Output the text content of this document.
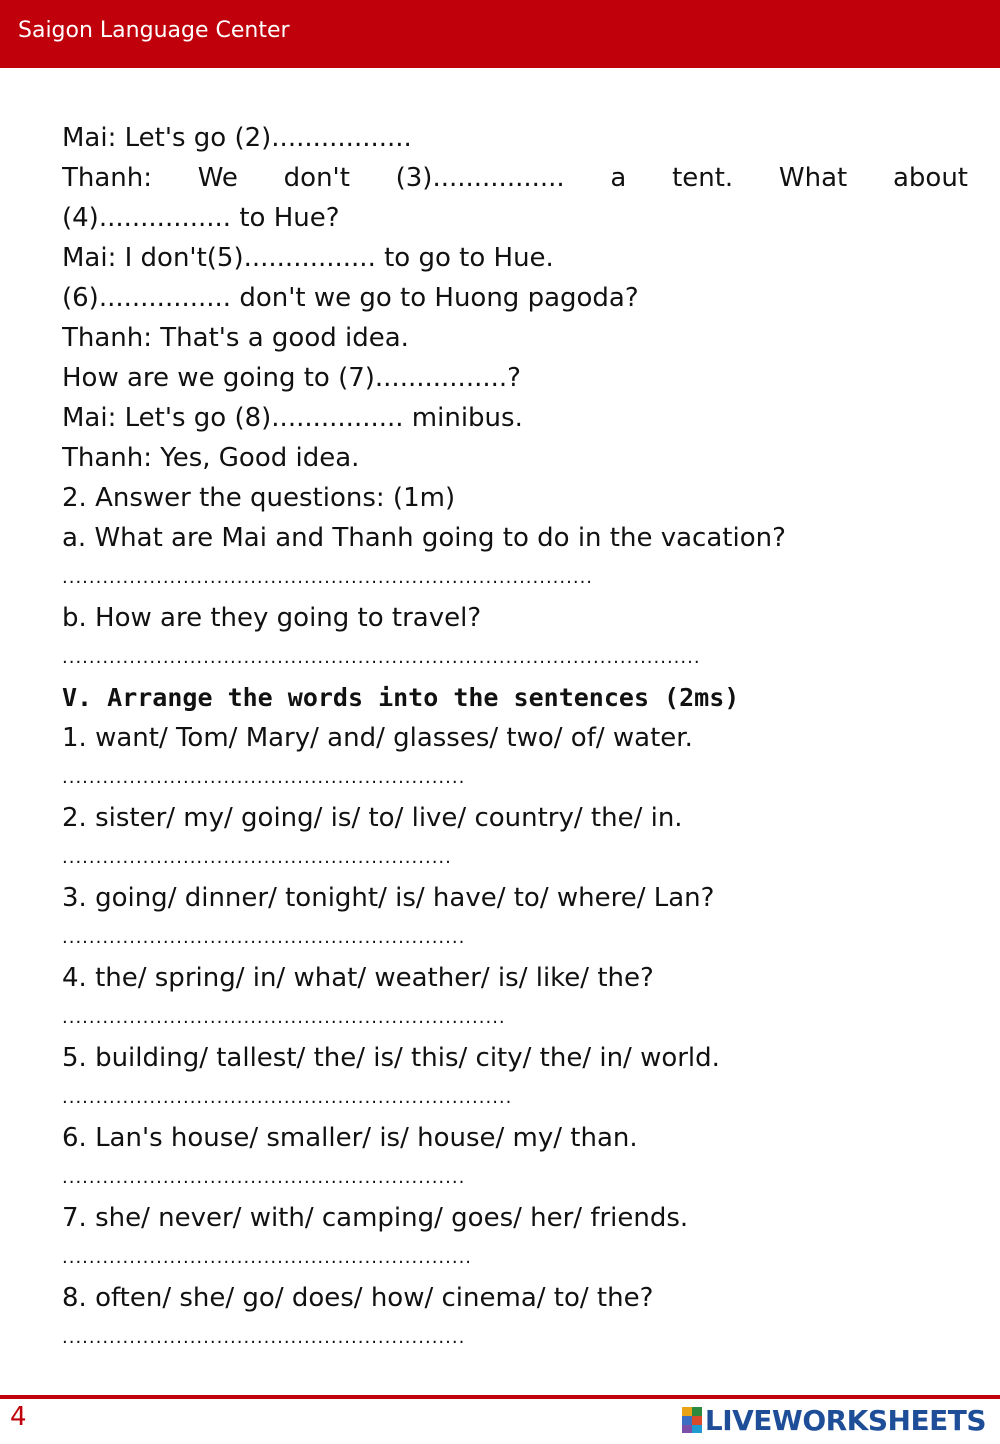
Saigon Language Center
Mai: Let's go (2).................
Thanh: We don't (3)................ a tent. What about
(4)................ to Hue?
Mai: I don't(5)................ to go to Hue.
(6)................ don't we go to Huong pagoda?
Thanh: That's a good idea.
How are we going to (7)................?
Mai: Let's go (8)................ minibus.
Thanh: Yes, Good idea.
2. Answer the questions: (1m)
a. What are Mai and Thanh going to do in the vacation?
...............................................................................
b. How are they going to travel?
...............................................................................................
V. Arrange the words into the sentences (2ms)
1. want/ Tom/ Mary/ and/ glasses/ two/ of/ water.
............................................................
2. sister/ my/ going/ is/ to/ live/ country/ the/ in.
..........................................................
3. going/ dinner/ tonight/ is/ have/ to/ where/ Lan?
............................................................
4. the/ spring/ in/ what/ weather/ is/ like/ the?
..................................................................
5. building/ tallest/ the/ is/ this/ city/ the/ in/ world.
...................................................................
6. Lan's house/ smaller/ is/ house/ my/ than.
............................................................
7. she/ never/ with/ camping/ goes/ her/ friends.
.............................................................
8. often/ she/ go/ does/ how/ cinema/ to/ the?
............................................................
4	LIVEWORKSHEETS
